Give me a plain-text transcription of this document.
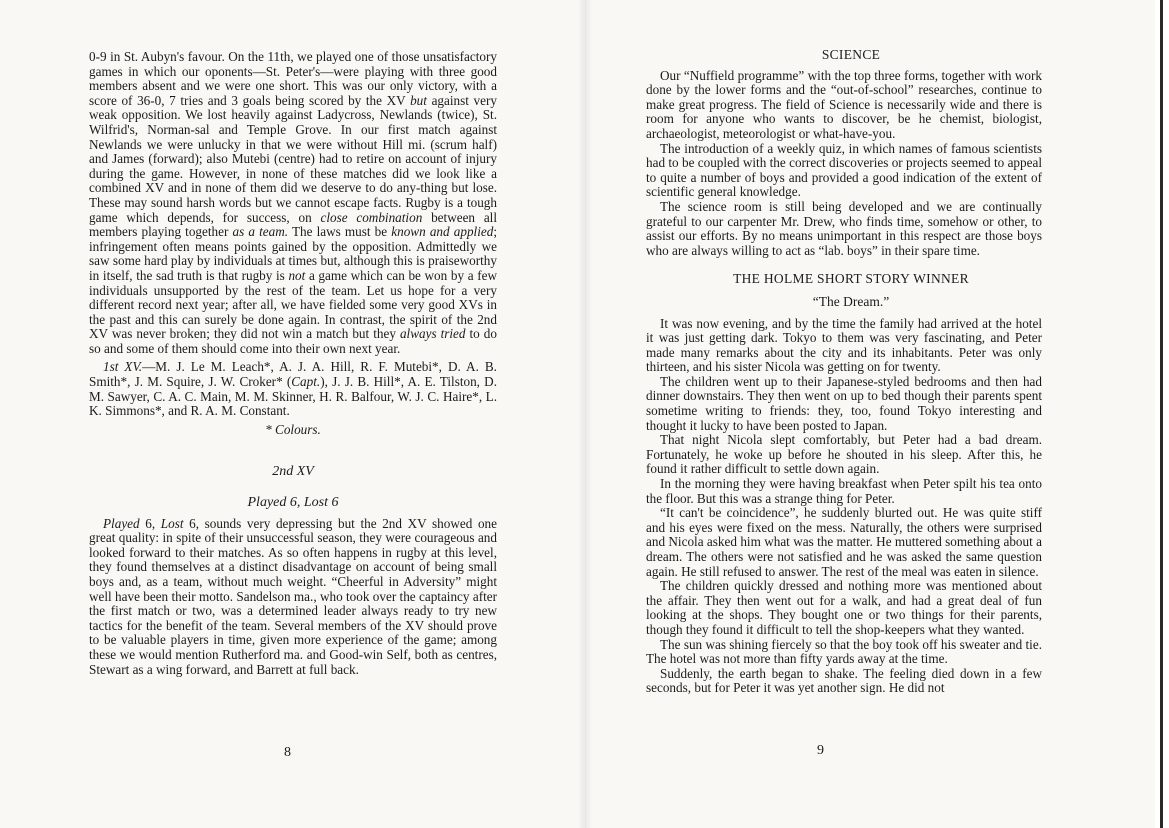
0-9 in St. Aubyn's favour. On the 11th, we played one of those unsatisfactory games in which our oponents—St. Peter's—were playing with three good members absent and we were one short. This was our only victory, with a score of 36-0, 7 tries and 3 goals being scored by the XV but against very weak opposition. We lost heavily against Ladycross, Newlands (twice), St. Wilfrid's, Norman-sal and Temple Grove. In our first match against Newlands we were unlucky in that we were without Hill mi. (scrum half) and James (forward); also Mutebi (centre) had to retire on account of injury during the game. However, in none of these matches did we look like a combined XV and in none of them did we deserve to do any-thing but lose. These may sound harsh words but we cannot escape facts. Rugby is a tough game which depends, for success, on close combination between all members playing together as a team. The laws must be known and applied; infringement often means points gained by the opposition. Admittedly we saw some hard play by individuals at times but, although this is praiseworthy in itself, the sad truth is that rugby is not a game which can be won by a few individuals unsupported by the rest of the team. Let us hope for a very different record next year; after all, we have fielded some very good XVs in the past and this can surely be done again. In contrast, the spirit of the 2nd XV was never broken; they did not win a match but they always tried to do so and some of them should come into their own next year.

1st XV.—M. J. Le M. Leach*, A. J. A. Hill, R. F. Mutebi*, D. A. B. Smith*, J. M. Squire, J. W. Croker* (Capt.), J. J. B. Hill*, A. E. Tilston, D. M. Sawyer, C. A. C. Main, M. M. Skinner, H. R. Balfour, W. J. C. Haire*, L. K. Simmons*, and R. A. M. Constant.

* Colours.

2nd XV

Played 6, Lost 6

Played 6, Lost 6, sounds very depressing but the 2nd XV showed one great quality: in spite of their unsuccessful season, they were courageous and looked forward to their matches. As so often happens in rugby at this level, they found themselves at a distinct disadvantage on account of being small boys and, as a team, without much weight. “Cheerful in Adversity” might well have been their motto. Sandelson ma., who took over the captaincy after the first match or two, was a determined leader always ready to try new tactics for the benefit of the team. Several members of the XV should prove to be valuable players in time, given more experience of the game; among these we would mention Rutherford ma. and Good-win Self, both as centres, Stewart as a wing forward, and Barrett at full back.

8

SCIENCE

Our “Nuffield programme” with the top three forms, together with work done by the lower forms and the “out-of-school” researches, continue to make great progress. The field of Science is necessarily wide and there is room for anyone who wants to discover, be he chemist, biologist, archaeologist, meteorologist or what-have-you.

The introduction of a weekly quiz, in which names of famous scientists had to be coupled with the correct discoveries or projects seemed to appeal to quite a number of boys and provided a good indication of the extent of scientific general knowledge.

The science room is still being developed and we are continually grateful to our carpenter Mr. Drew, who finds time, somehow or other, to assist our efforts. By no means unimportant in this respect are those boys who are always willing to act as “lab. boys” in their spare time.

THE HOLME SHORT STORY WINNER

“The Dream.”

It was now evening, and by the time the family had arrived at the hotel it was just getting dark. Tokyo to them was very fascinating, and Peter made many remarks about the city and its inhabitants. Peter was only thirteen, and his sister Nicola was getting on for twenty.

The children went up to their Japanese-styled bedrooms and then had dinner downstairs. They then went on up to bed though their parents spent sometime writing to friends: they, too, found Tokyo interesting and thought it lucky to have been posted to Japan.

That night Nicola slept comfortably, but Peter had a bad dream. Fortunately, he woke up before he shouted in his sleep. After this, he found it rather difficult to settle down again.

In the morning they were having breakfast when Peter spilt his tea onto the floor. But this was a strange thing for Peter.

“It can't be coincidence”, he suddenly blurted out. He was quite stiff and his eyes were fixed on the mess. Naturally, the others were surprised and Nicola asked him what was the matter. He muttered something about a dream. The others were not satisfied and he was asked the same question again. He still refused to answer. The rest of the meal was eaten in silence.

The children quickly dressed and nothing more was mentioned about the affair. They then went out for a walk, and had a great deal of fun looking at the shops. They bought one or two things for their parents, though they found it difficult to tell the shop-keepers what they wanted.

The sun was shining fiercely so that the boy took off his sweater and tie. The hotel was not more than fifty yards away at the time.

Suddenly, the earth began to shake. The feeling died down in a few seconds, but for Peter it was yet another sign. He did not

9
